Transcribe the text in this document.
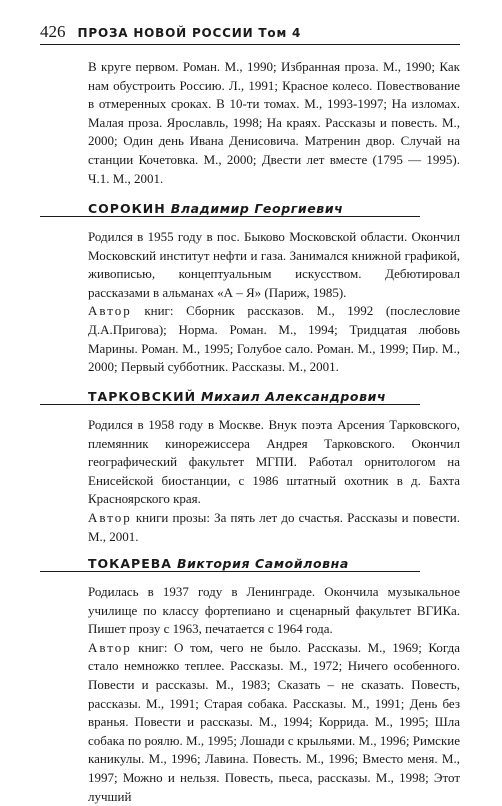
426 ПРОЗА НОВОЙ РОССИИ Том 4

В круге первом. Роман. М., 1990; Избранная проза. М., 1990; Как нам обустроить Россию. Л., 1991; Красное колесо. Повествование в отмеренных сроках. В 10-ти томах. М., 1993-1997; На изломах. Малая проза. Ярославль, 1998; На краях. Рассказы и повесть. М., 2000; Один день Ивана Денисовича. Матренин двор. Случай на станции Кочетовка. М., 2000; Двести лет вместе (1795 — 1995). Ч.1. М., 2001.

СОРОКИН Владимир Георгиевич

Родился в 1955 году в пос. Быково Московской области. Окончил Московский институт нефти и газа. Занимался книжной графикой, живописью, концептуальным искусством. Дебютировал рассказами в альманах «А – Я» (Париж, 1985).

Автор книг: Сборник рассказов. М., 1992 (послесловие Д.А.Пригова); Норма. Роман. М., 1994; Тридцатая любовь Марины. Роман. М., 1995; Голубое сало. Роман. М., 1999; Пир. М., 2000; Первый субботник. Рассказы. М., 2001.

ТАРКОВСКИЙ Михаил Александрович

Родился в 1958 году в Москве. Внук поэта Арсения Тарковского, племянник кинорежиссера Андрея Тарковского. Окончил географический факультет МГПИ. Работал орнитологом на Енисейской биостанции, с 1986 штатный охотник в д. Бахта Красноярского края.

Автор книги прозы: За пять лет до счастья. Рассказы и повести. М., 2001.

ТОКАРЕВА Виктория Самойловна

Родилась в 1937 году в Ленинграде. Окончила музыкальное училище по классу фортепиано и сценарный факультет ВГИКа. Пишет прозу с 1963, печатается с 1964 года.

Автор книг: О том, чего не было. Рассказы. М., 1969; Когда стало немножко теплее. Рассказы. М., 1972; Ничего особенного. Повести и рассказы. М., 1983; Сказать – не сказать. Повесть, рассказы. М., 1991; Старая собака. Рассказы. М., 1991; День без вранья. Повести и рассказы. М., 1994; Коррида. М., 1995; Шла собака по роялю. М., 1995; Лошади с крыльями. М., 1996; Римские каникулы. М., 1996; Лавина. Повесть. М., 1996; Вместо меня. М., 1997; Можно и нельзя. Повесть, пьеса, рассказы. М., 1998; Этот лучший
